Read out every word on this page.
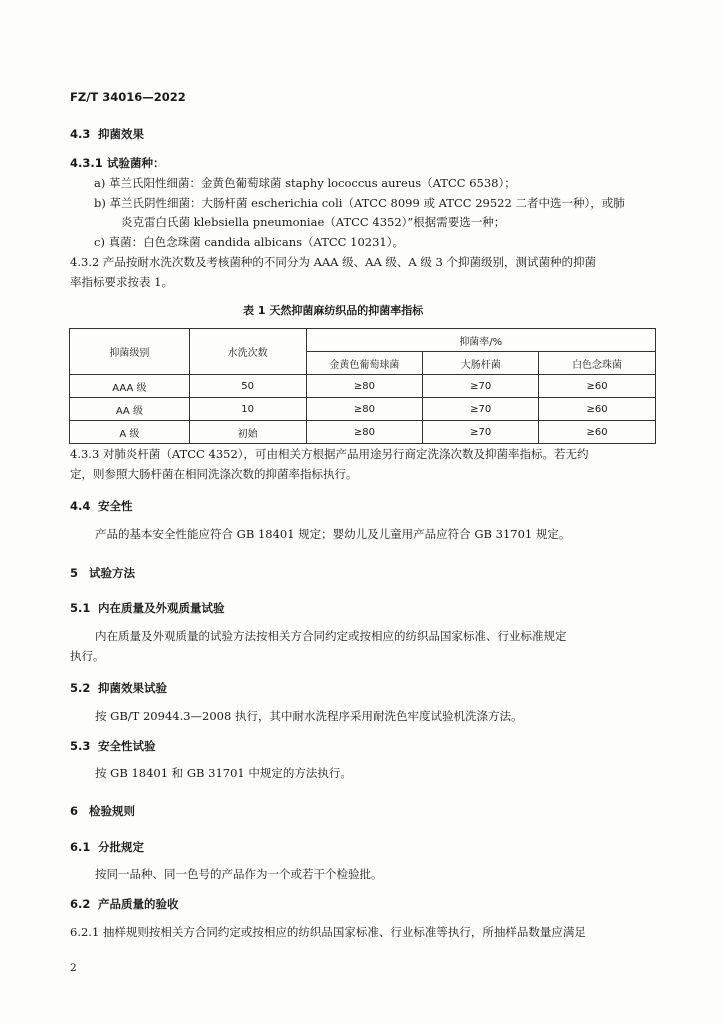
FZ/T 34016—2022
4.3 抑菌效果
4.3.1 试验菌种：
a) 革兰氏阳性细菌：金黄色葡萄球菌 staphy lococcus aureus（ATCC 6538）；
b) 革兰氏阴性细菌：大肠杆菌 escherichia coli（ATCC 8099 或 ATCC 29522 二者中选一种），或肺
炎克雷白氏菌 klebsiella pneumoniae（ATCC 4352）”根据需要选一种；
c) 真菌：白色念珠菌 candida albicans（ATCC 10231）。
4.3.2 产品按耐水洗次数及考核菌种的不同分为 AAA 级、AA 级、A 级 3 个抑菌级别，测试菌种的抑菌
率指标要求按表 1。
表 1 天然抑菌麻纺织品的抑菌率指标
抑菌级别	水洗次数	抑菌率/%		
		金黄色葡萄球菌	大肠杆菌	白色念珠菌
AAA 级	50	≥80	≥70	≥60
AA 级	10	≥80	≥70	≥60
A 级	初始	≥80	≥70	≥60
4.3.3 对肺炎杆菌（ATCC 4352），可由相关方根据产品用途另行商定洗涤次数及抑菌率指标。若无约
定，则参照大肠杆菌在相同洗涤次数的抑菌率指标执行。
4.4 安全性
产品的基本安全性能应符合 GB 18401 规定；婴幼儿及儿童用产品应符合 GB 31701 规定。
5 试验方法
5.1 内在质量及外观质量试验
内在质量及外观质量的试验方法按相关方合同约定或按相应的纺织品国家标准、行业标准规定
执行。
5.2 抑菌效果试验
按 GB/T 20944.3—2008 执行，其中耐水洗程序采用耐洗色牢度试验机洗涤方法。
5.3 安全性试验
按 GB 18401 和 GB 31701 中规定的方法执行。
6 检验规则
6.1 分批规定
按同一品种、同一色号的产品作为一个或若干个检验批。
6.2 产品质量的验收
6.2.1 抽样规则按相关方合同约定或按相应的纺织品国家标准、行业标准等执行，所抽样品数量应满足
2
